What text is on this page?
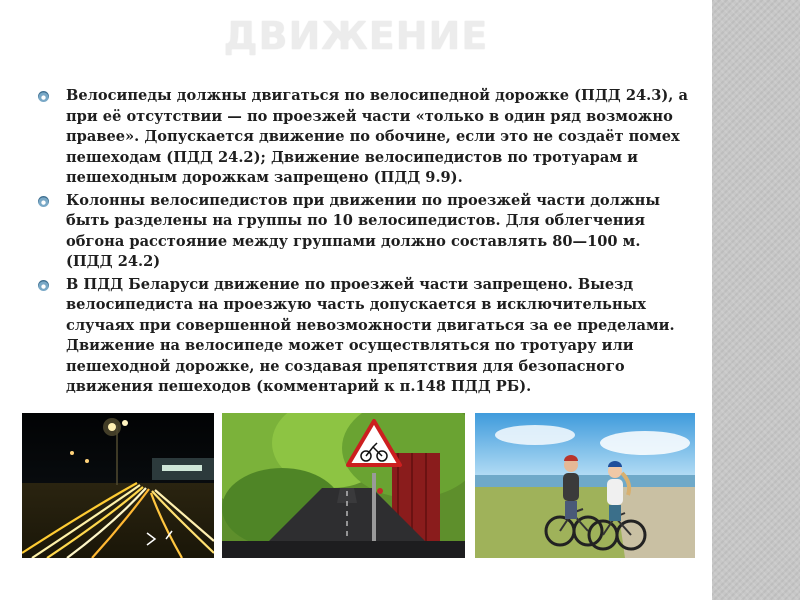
ДВИЖЕНИЕ
Велосипеды должны двигаться по велосипедной дорожке (ПДД 24.3), а при её отсутствии — по проезжей части «только в один ряд возможно правее». Допускается движение по обочине, если это не создаёт помех пешеходам (ПДД 24.2); Движение велосипедистов по тротуарам и пешеходным дорожкам запрещено (ПДД 9.9).
Колонны велосипедистов при движении по проезжей части должны быть разделены на группы по 10 велосипедистов. Для облегчения обгона расстояние между группами должно составлять 80—100 м. (ПДД 24.2)
В ПДД Беларуси движение по проезжей части запрещено. Выезд велосипедиста на проезжую часть допускается в исключительных случаях при совершенной невозможности двигаться за ее пределами. Движение на велосипеде может осуществляться по тротуару или пешеходной дорожке, не создавая препятствия для безопасного движения пешеходов (комментарий к п.148 ПДД РБ).
